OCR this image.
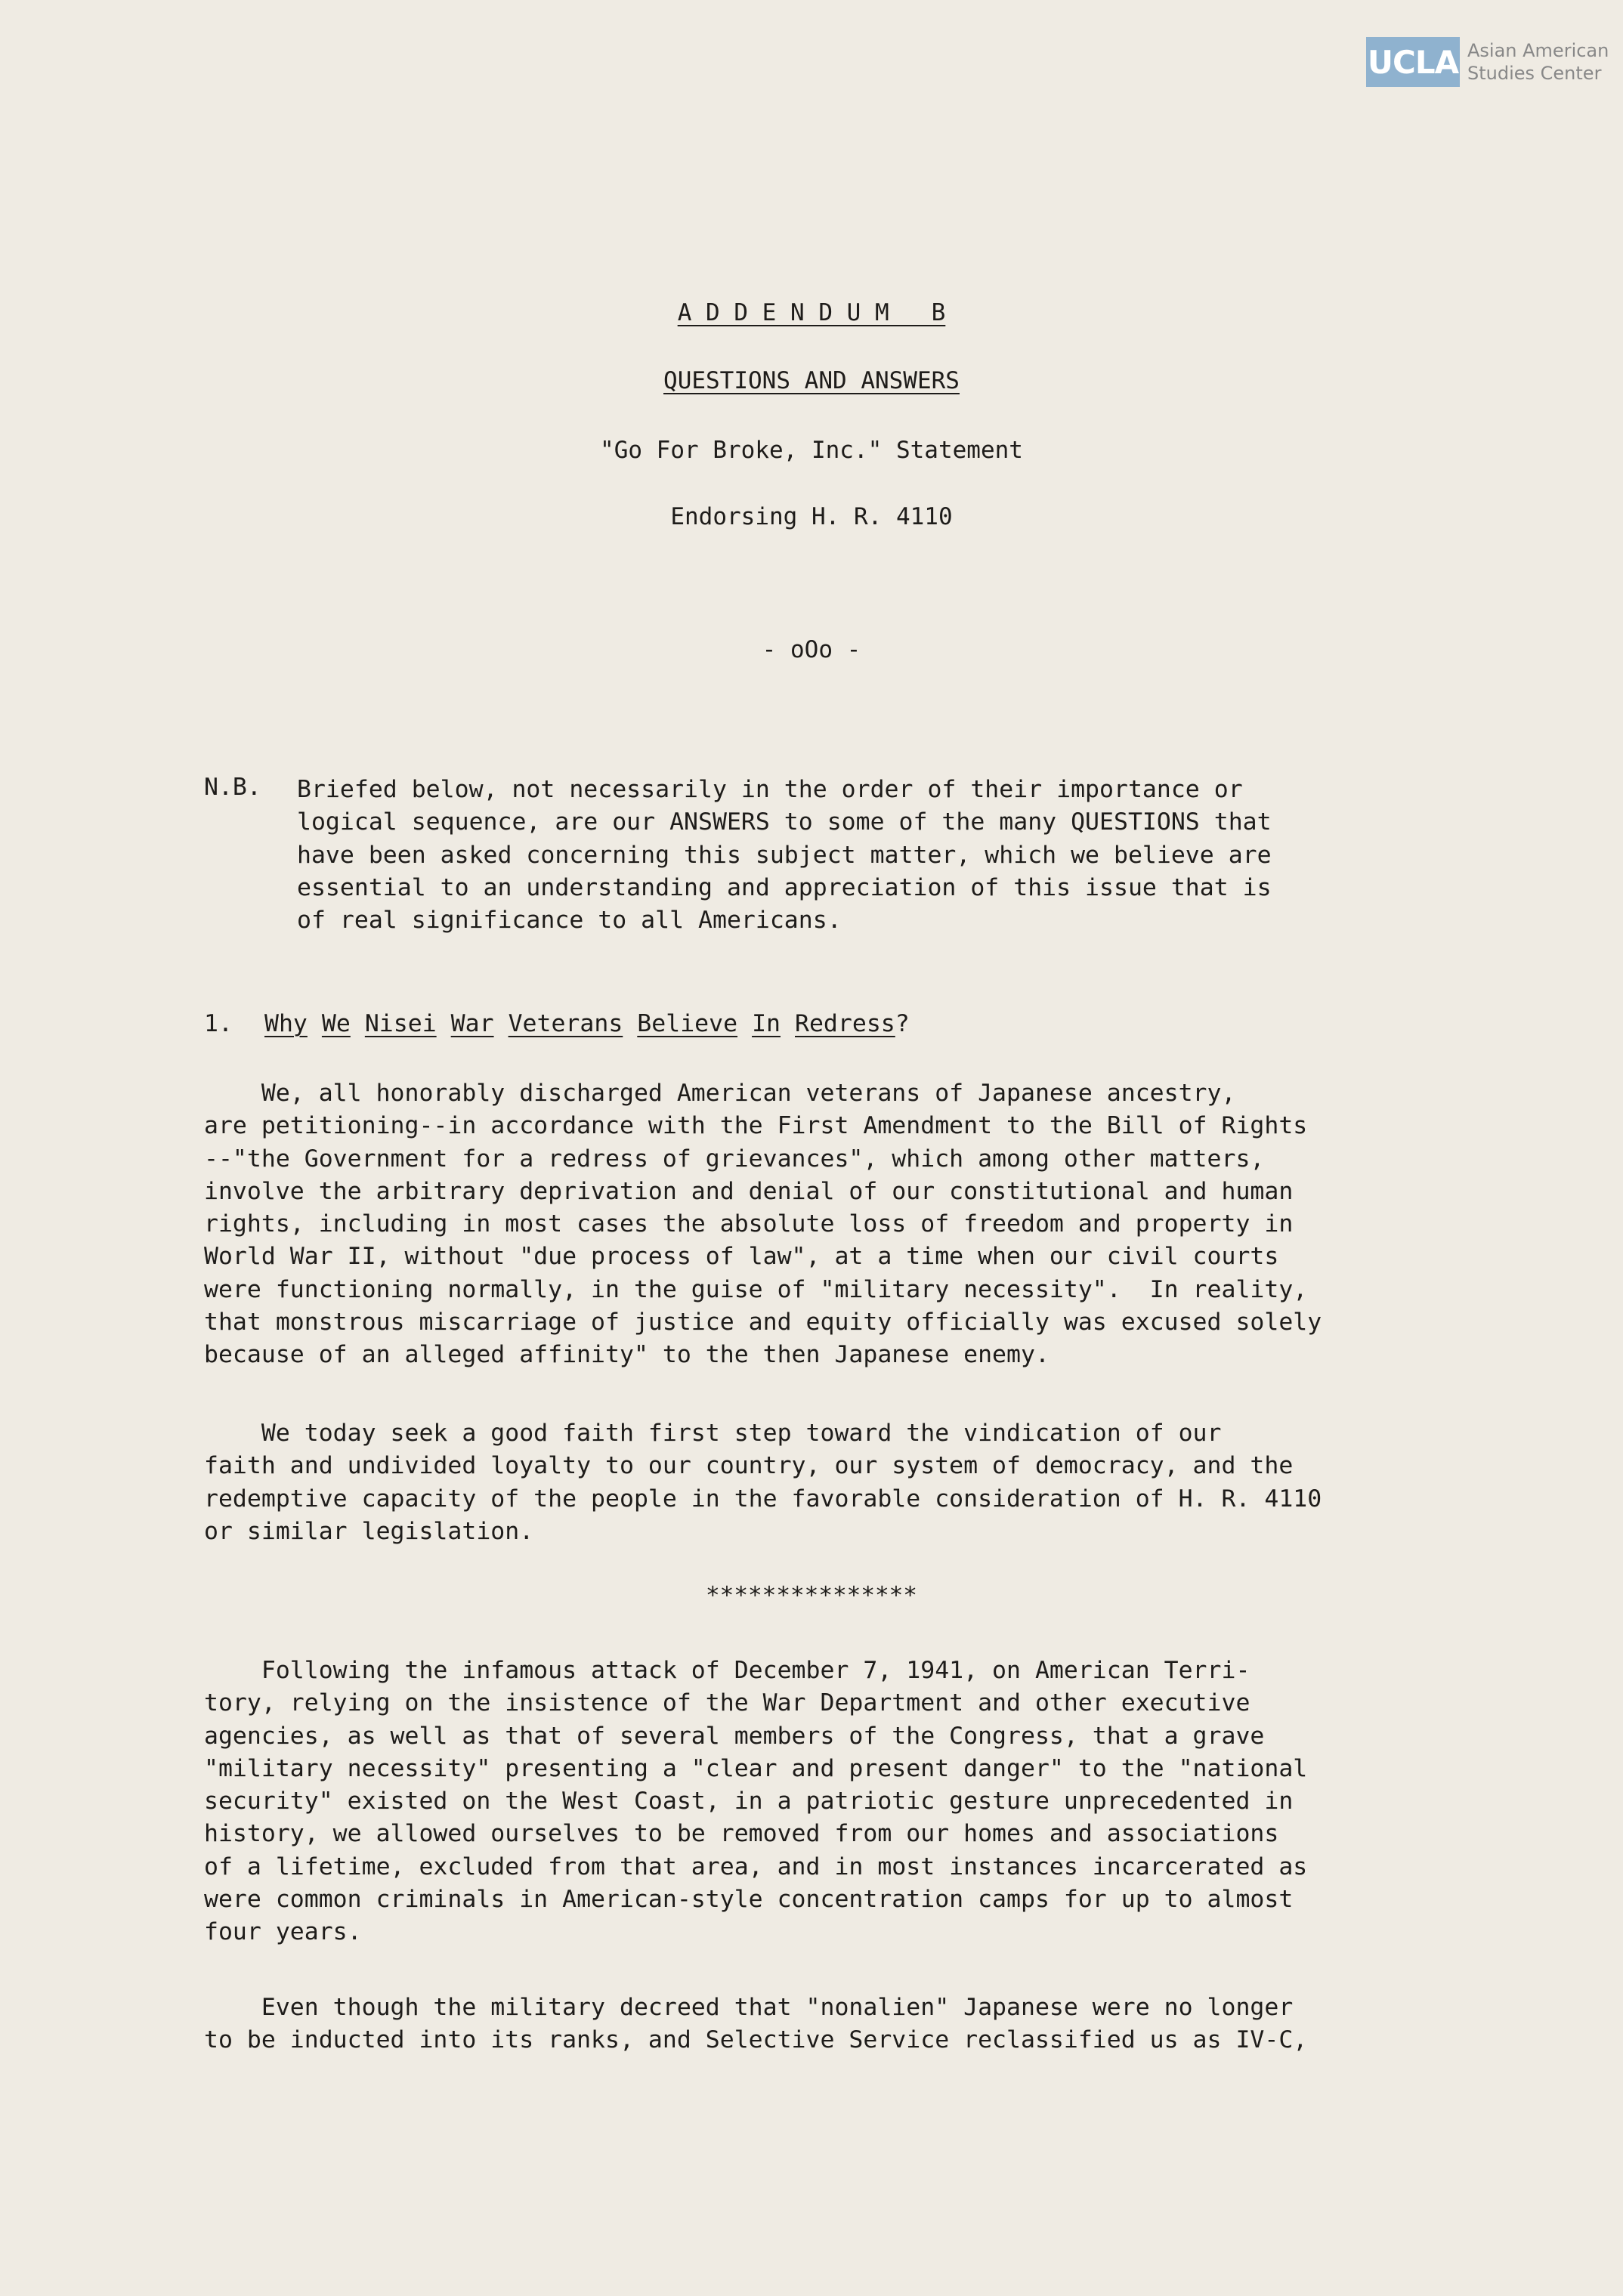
UCLA Asian American
Studies Center
A D D E N D U M   B
QUESTIONS AND ANSWERS
"Go For Broke, Inc." Statement
Endorsing H. R. 4110
- oOo -
N.B. Briefed below, not necessarily in the order of their importance or
logical sequence, are our ANSWERS to some of the many QUESTIONS that
have been asked concerning this subject matter, which we believe are
essential to an understanding and appreciation of this issue that is
of real significance to all Americans.
1. Why We Nisei War Veterans Believe In Redress?
We, all honorably discharged American veterans of Japanese ancestry,
are petitioning--in accordance with the First Amendment to the Bill of Rights
--"the Government for a redress of grievances", which among other matters,
involve the arbitrary deprivation and denial of our constitutional and human
rights, including in most cases the absolute loss of freedom and property in
World War II, without "due process of law", at a time when our civil courts
were functioning normally, in the guise of "military necessity".  In reality,
that monstrous miscarriage of justice and equity officially was excused solely
because of an alleged affinity" to the then Japanese enemy.
We today seek a good faith first step toward the vindication of our
faith and undivided loyalty to our country, our system of democracy, and the
redemptive capacity of the people in the favorable consideration of H. R. 4110
or similar legislation.
***************
Following the infamous attack of December 7, 1941, on American Terri-
tory, relying on the insistence of the War Department and other executive
agencies, as well as that of several members of the Congress, that a grave
"military necessity" presenting a "clear and present danger" to the "national
security" existed on the West Coast, in a patriotic gesture unprecedented in
history, we allowed ourselves to be removed from our homes and associations
of a lifetime, excluded from that area, and in most instances incarcerated as
were common criminals in American-style concentration camps for up to almost
four years.
Even though the military decreed that "nonalien" Japanese were no longer
to be inducted into its ranks, and Selective Service reclassified us as IV-C,
